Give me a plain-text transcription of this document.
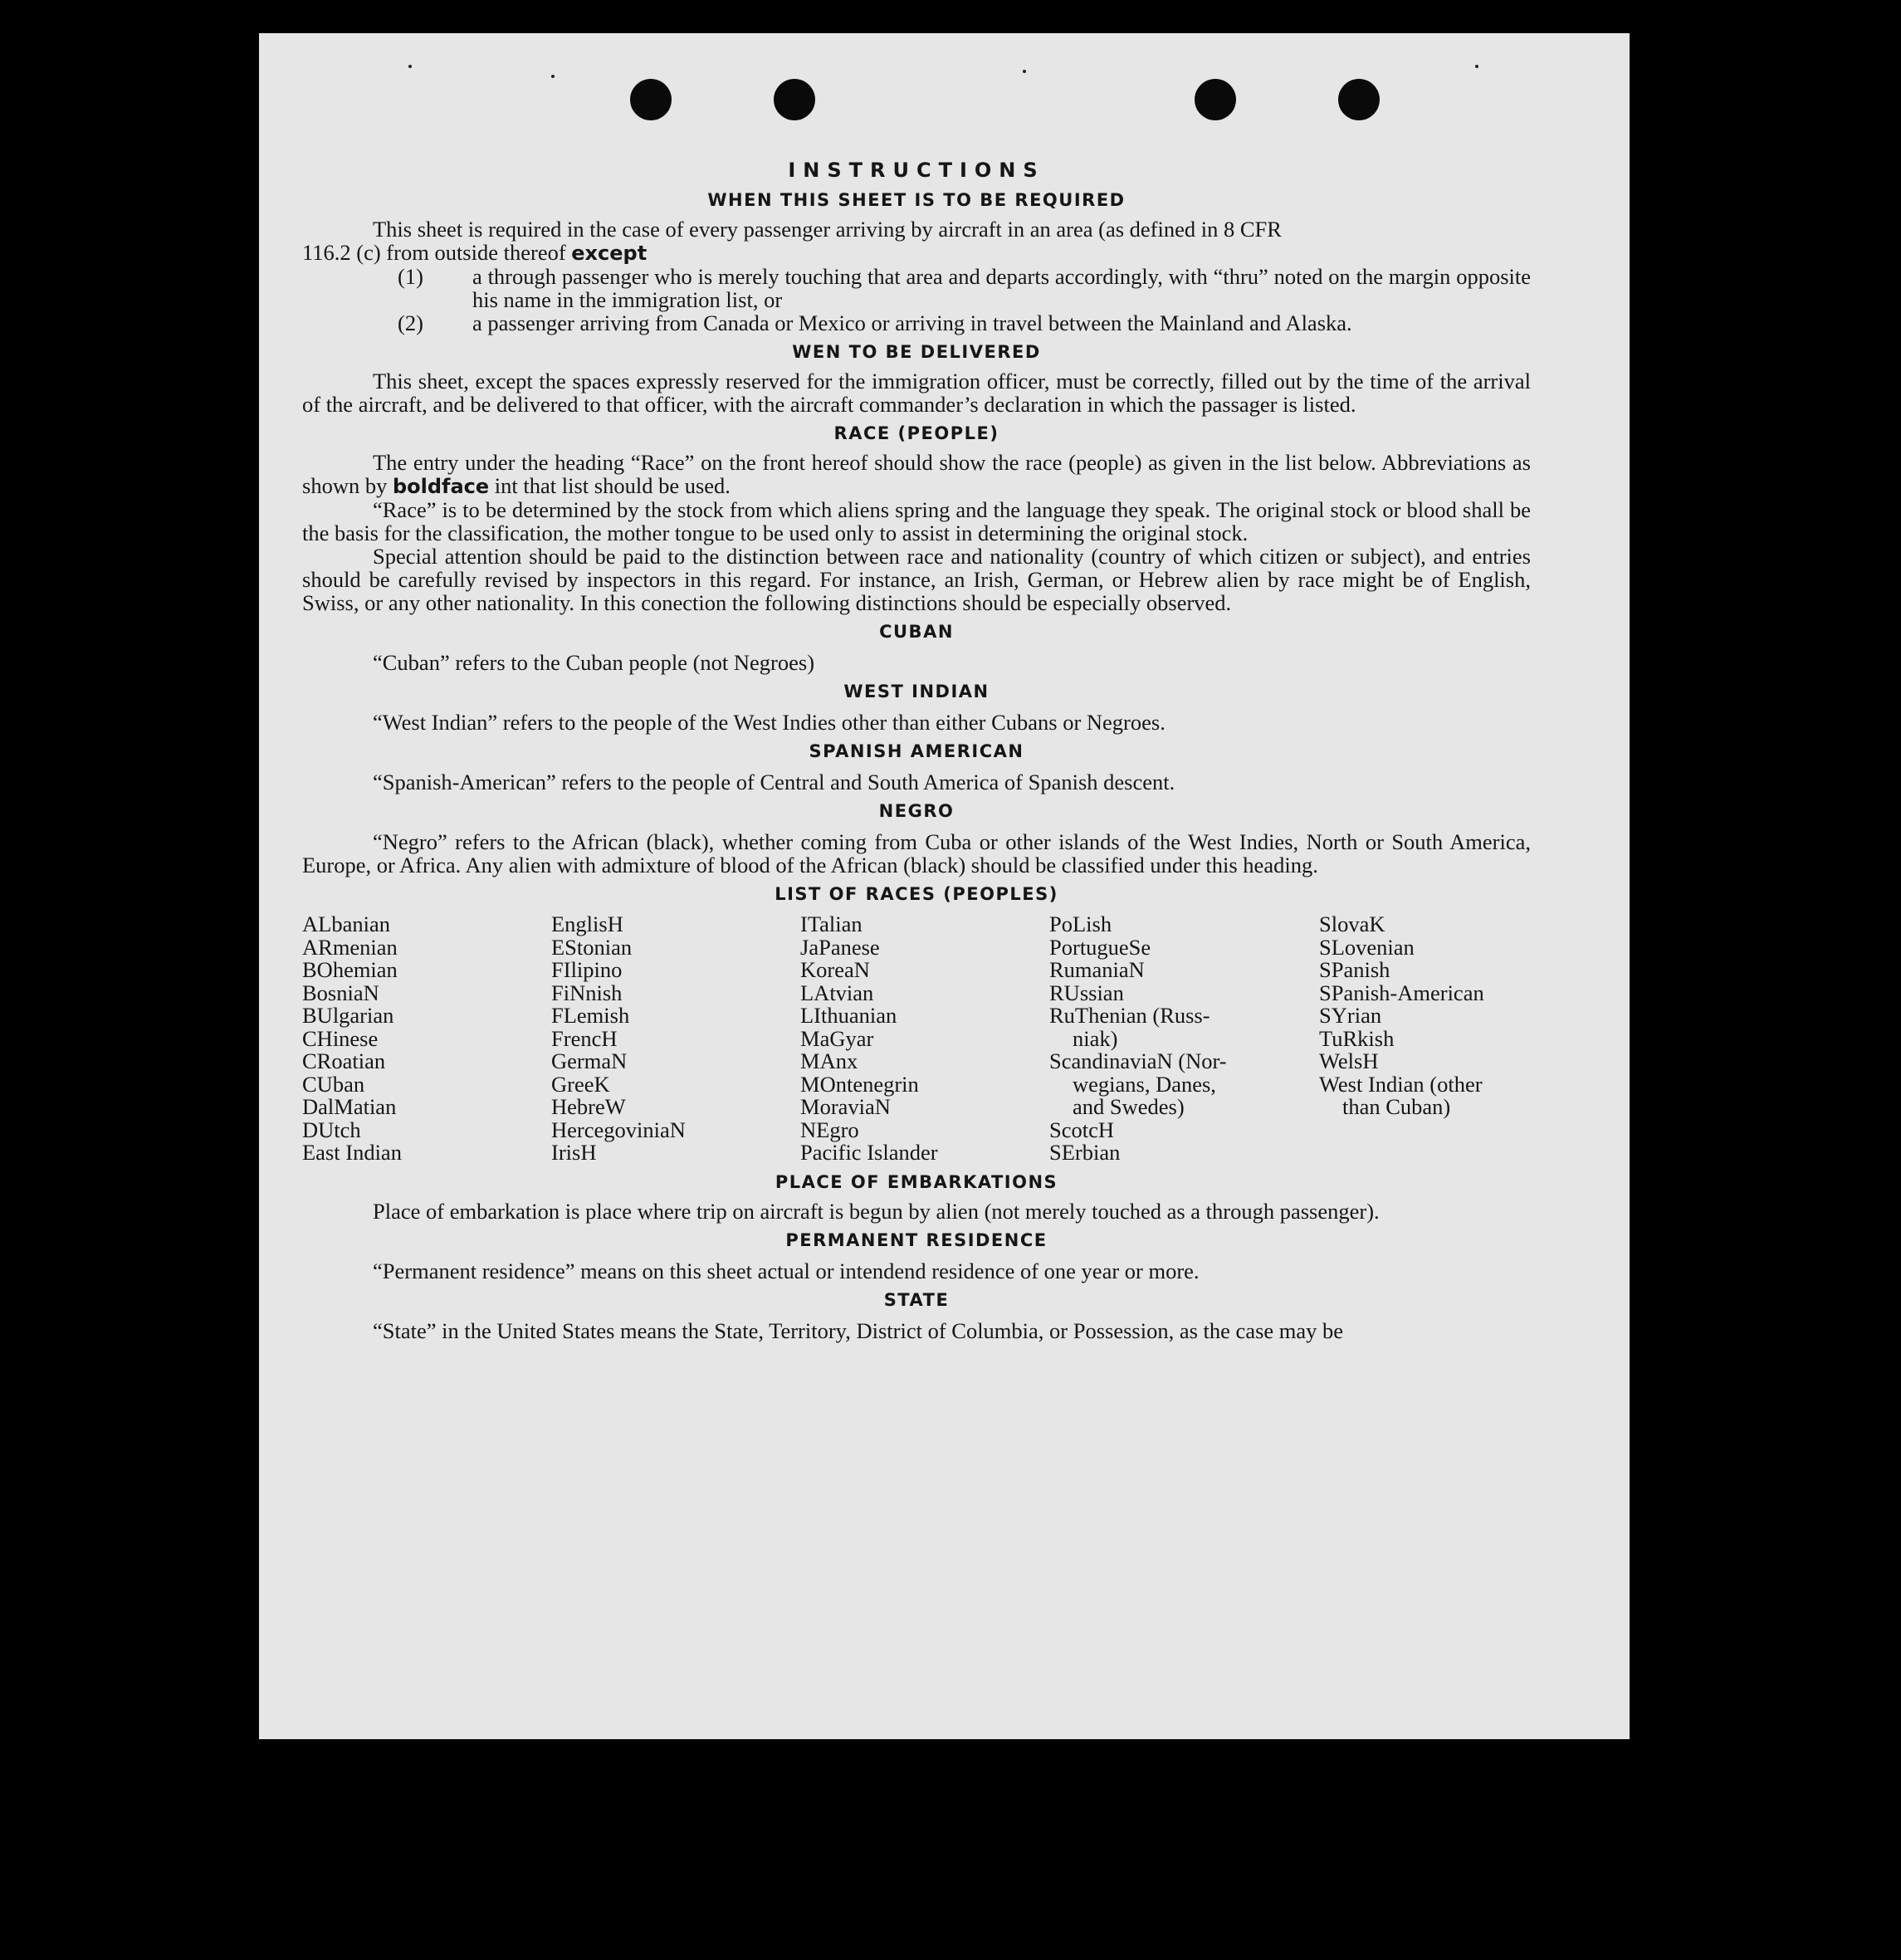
INSTRUCTIONS
WHEN THIS SHEET IS TO BE REQUIRED

This sheet is required in the case of every passenger arriving by aircraft in an area (as defined in 8 CFR

116.2 (c) from outside thereof except

(1) a through passenger who is merely touching that area and departs accordingly, with “thru” noted on the margin opposite his name in the immigration list, or
(2) a passenger arriving from Canada or Mexico or arriving in travel between the Mainland and Alaska.
WEN TO BE DELIVERED

This sheet, except the spaces expressly reserved for the immigration officer, must be correctly, filled out by the time of the arrival of the aircraft, and be delivered to that officer, with the aircraft commander’s declaration in which the passager is listed.

RACE (PEOPLE)

The entry under the heading “Race” on the front hereof should show the race (people) as given in the list below. Abbreviations as shown by boldface int that list should be used.

“Race” is to be determined by the stock from which aliens spring and the language they speak. The original stock or blood shall be the basis for the classification, the mother tongue to be used only to assist in determining the original stock.

Special attention should be paid to the distinction between race and nationality (country of which citizen or subject), and entries should be carefully revised by inspectors in this regard. For instance, an Irish, German, or Hebrew alien by race might be of English, Swiss, or any other nationality. In this conection the following distinctions should be especially observed.

CUBAN

“Cuban” refers to the Cuban people (not Negroes)

WEST INDIAN

“West Indian” refers to the people of the West Indies other than either Cubans or Negroes.

SPANISH AMERICAN

“Spanish-American” refers to the people of Central and South America of Spanish descent.

NEGRO

“Negro” refers to the African (black), whether coming from Cuba or other islands of the West Indies, North or South America, Europe, or Africa. Any alien with admixture of blood of the African (black) should be classified under this heading.

LIST OF RACES (PEOPLES)
ALbanian
ARmenian
BOhemian
BosniaN
BUlgarian
CHinese
CRoatian
CUban
DalMatian
DUtch
East Indian
EnglisH
EStonian
FIlipino
FiNnish
FLemish
FrencH
GermaN
GreeK
HebreW
HercegoviniaN
IrisH
ITalian
JaPanese
KoreaN
LAtvian
LIthuanian
MaGyar
MAnx
MOntenegrin
MoraviaN
NEgro
Pacific Islander
PoLish
PortugueSe
RumaniaN
RUssian
RuThenian (Russ-
niak)
ScandinaviaN (Nor-
wegians, Danes,
and Swedes)
ScotcH
SErbian
SlovaK
SLovenian
SPanish
SPanish-American
SYrian
TuRkish
WelsH
West Indian (other
than Cuban)
PLACE OF EMBARKATIONS

Place of embarkation is place where trip on aircraft is begun by alien (not merely touched as a through passenger).

PERMANENT RESIDENCE

“Permanent residence” means on this sheet actual or intendend residence of one year or more.

STATE

“State” in the United States means the State, Territory, District of Columbia, or Possession, as the case may be
